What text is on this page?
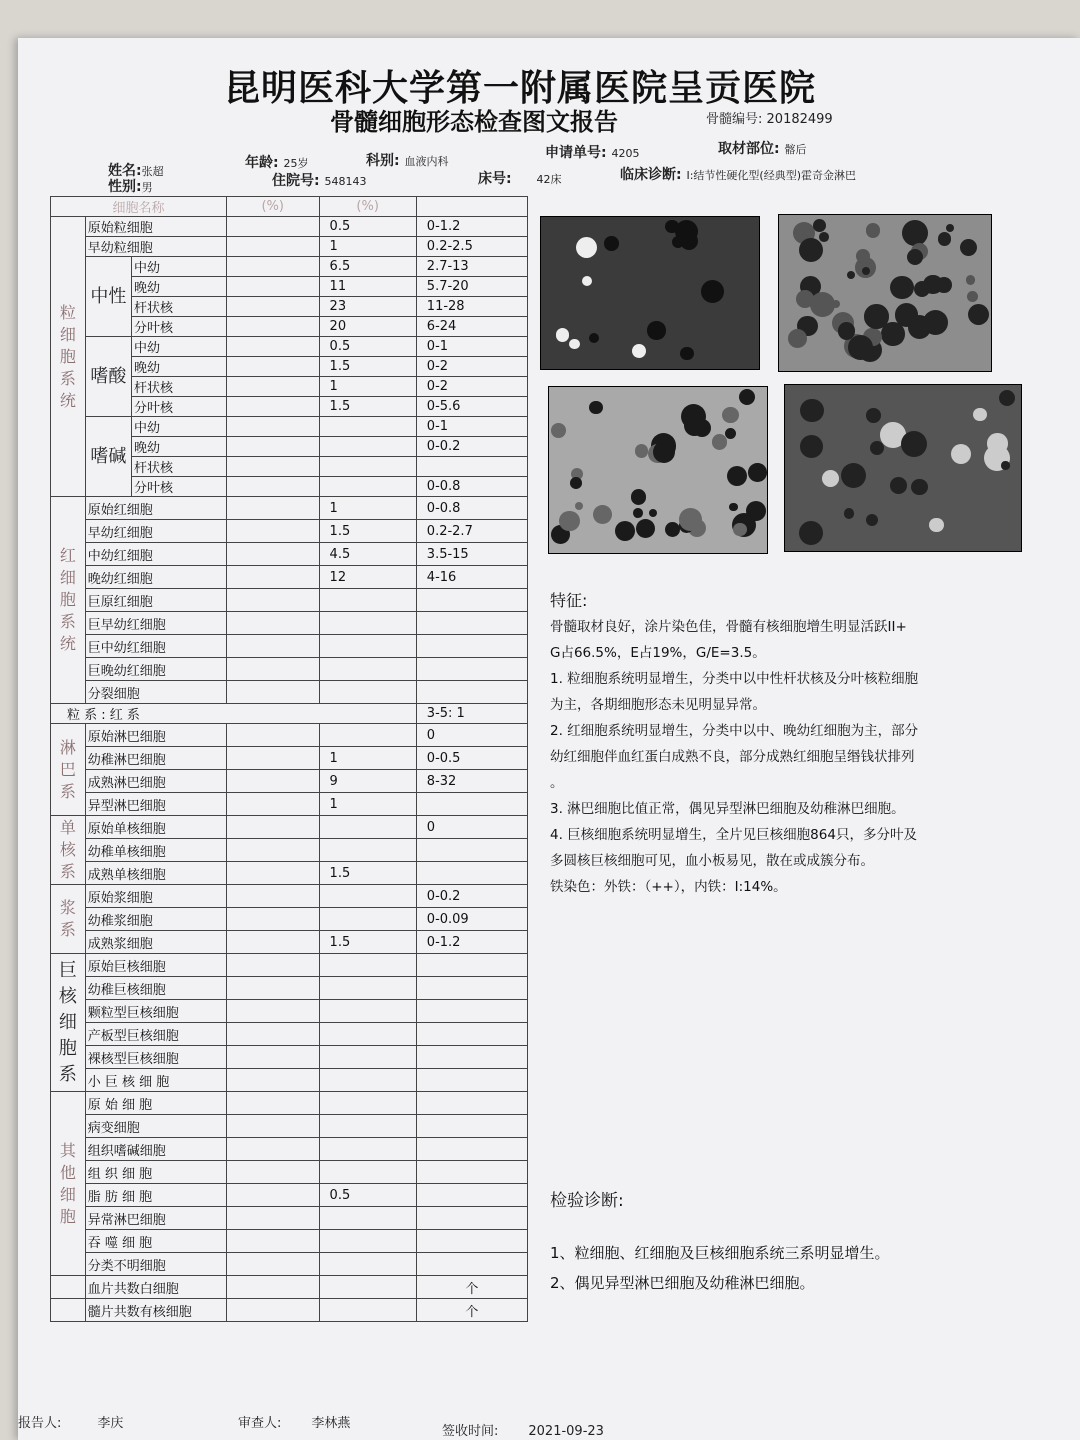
昆明医科大学第一附属医院呈贡医院
骨髓细胞形态检查图文报告	骨髓编号: 20182499
姓名:张超
性别:男
年龄: 25岁	科别: 血液内科
住院号: 548143
申请单号: 4205
床号: 42床
取材部位: 髂后
临床诊断: I:结节性硬化型(经典型)霍奇金淋巴
细胞名称			(%)	(%)	
粒细胞系统	原始粒细胞			0.5	0-1.2
	早幼粒细胞			1	0.2-2.5
	中性	中幼		6.5	2.7-13
		晚幼		11	5.7-20
		杆状核		23	11-28
		分叶核		20	6-24
	嗜酸	中幼		0.5	0-1
		晚幼		1.5	0-2
		杆状核		1	0-2
		分叶核		1.5	0-5.6
	嗜碱	中幼			0-1
		晚幼			0-0.2
		杆状核			
		分叶核			0-0.8
红细胞系统	原始红细胞			1	0-0.8
	早幼红细胞			1.5	0.2-2.7
	中幼红细胞			4.5	3.5-15
	晚幼红细胞			12	4-16
	巨原红细胞				
	巨早幼红细胞				
	巨中幼红细胞				
	巨晚幼红细胞				
	分裂细胞				
粒 系 : 红 系					3-5: 1
淋巴系	原始淋巴细胞				0
	幼稚淋巴细胞			1	0-0.5
	成熟淋巴细胞			9	8-32
	异型淋巴细胞			1	
单核系	原始单核细胞				0
	幼稚单核细胞				
	成熟单核细胞			1.5	
浆系	原始浆细胞				0-0.2
	幼稚浆细胞				0-0.09
	成熟浆细胞			1.5	0-1.2
巨核细胞系	原始巨核细胞				
	幼稚巨核细胞				
	颗粒型巨核细胞				
	产板型巨核细胞				
	裸核型巨核细胞				
	小 巨 核 细 胞				
其他细胞	原 始 细 胞				
	病变细胞				
	组织嗜碱细胞				
	组 织 细 胞				
	脂 肪 细 胞			0.5	
	异常淋巴细胞				
	吞 噬 细 胞				
	分类不明细胞				
	血片共数白细胞				个
	髓片共数有核细胞				个
特征:
骨髓取材良好，涂片染色佳，骨髓有核细胞增生明显活跃II+
G占66.5%，E占19%，G/E=3.5。
1. 粒细胞系统明显增生，分类中以中性杆状核及分叶核粒细胞
为主，各期细胞形态未见明显异常。
2. 红细胞系统明显增生，分类中以中、晚幼红细胞为主，部分
幼红细胞伴血红蛋白成熟不良，部分成熟红细胞呈缗钱状排列
。
3. 淋巴细胞比值正常，偶见异型淋巴细胞及幼稚淋巴细胞。
4. 巨核细胞系统明显增生，全片见巨核细胞864只，多分叶及
多圆核巨核细胞可见，血小板易见，散在或成簇分布。
铁染色：外铁：（++），内铁：I:14%。
检验诊断:
1、粒细胞、红细胞及巨核细胞系统三系明显增生。
2、偶见异型淋巴细胞及幼稚淋巴细胞。
报告人:	李庆	审查人: 李林燕
签收时间: 2021-09-23
